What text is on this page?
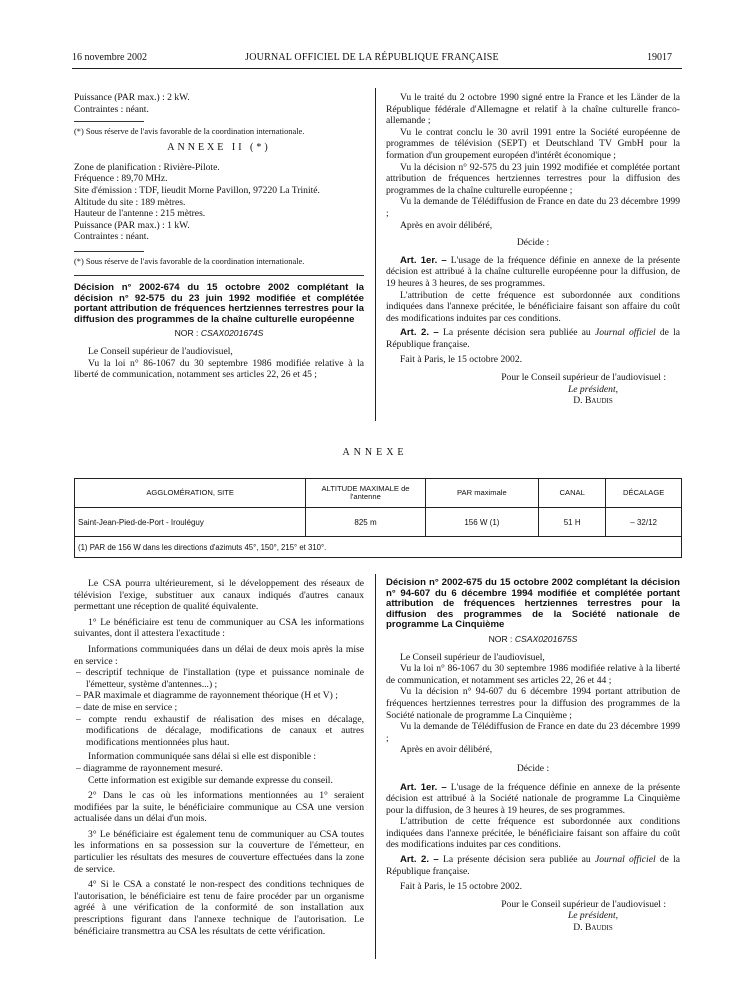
16 novembre 2002	JOURNAL OFFICIEL DE LA RÉPUBLIQUE FRANÇAISE	19017

Puissance (PAR max.) : 2 kW.

Contraintes : néant.

(*) Sous réserve de l'avis favorable de la coordination internationale.

ANNEXE II (*)

Zone de planification : Rivière-Pilote.

Fréquence : 89,70 MHz.

Site d'émission : TDF, lieudit Morne Pavillon, 97220 La Trinité.

Altitude du site : 189 mètres.

Hauteur de l'antenne : 215 mètres.

Puissance (PAR max.) : 1 kW.

Contraintes : néant.

(*) Sous réserve de l'avis favorable de la coordination internationale.

Décision n° 2002-674 du 15 octobre 2002 complétant la décision n° 92-575 du 23 juin 1992 modifiée et complétée portant attribution de fréquences hertziennes terrestres pour la diffusion des programmes de la chaîne culturelle européenne

NOR : CSAX0201674S

Le Conseil supérieur de l'audiovisuel,

Vu la loi n° 86-1067 du 30 septembre 1986 modifiée relative à la liberté de communication, notamment ses articles 22, 26 et 45 ;

Vu le traité du 2 octobre 1990 signé entre la France et les Länder de la République fédérale d'Allemagne et relatif à la chaîne culturelle franco-allemande ;

Vu le contrat conclu le 30 avril 1991 entre la Société européenne de programmes de télévision (SEPT) et Deutschland TV GmbH pour la formation d'un groupement européen d'intérêt économique ;

Vu la décision n° 92-575 du 23 juin 1992 modifiée et complétée portant attribution de fréquences hertziennes terrestres pour la diffusion des programmes de la chaîne culturelle européenne ;

Vu la demande de Télédiffusion de France en date du 23 décembre 1999 ;

Après en avoir délibéré,

Décide :

Art. 1er. – L'usage de la fréquence définie en annexe de la présente décision est attribué à la chaîne culturelle européenne pour la diffusion, de 19 heures à 3 heures, de ses programmes.

L'attribution de cette fréquence est subordonnée aux conditions indiquées dans l'annexe précitée, le bénéficiaire faisant son affaire du coût des modifications induites par ces conditions.

Art. 2. – La présente décision sera publiée au Journal officiel de la République française.

Fait à Paris, le 15 octobre 2002.

Pour le Conseil supérieur de l'audiovisuel :

Le président,

D. Baudis

ANNEXE
AGGLOMÉRATION, SITE	ALTITUDE MAXIMALE de l'antenne	PAR maximale	CANAL	DÉCALAGE
Saint-Jean-Pied-de-Port - Irouléguy	825 m	156 W (1)	51 H	– 32/12
(1) PAR de 156 W dans les directions d'azimuts 45°, 150°, 215° et 310°.				

Le CSA pourra ultérieurement, si le développement des réseaux de télévision l'exige, substituer aux canaux indiqués d'autres canaux permettant une réception de qualité équivalente.

1° Le bénéficiaire est tenu de communiquer au CSA les informations suivantes, dont il attestera l'exactitude :

Informations communiquées dans un délai de deux mois après la mise en service :

– descriptif technique de l'installation (type et puissance nominale de l'émetteur, système d'antennes...) ;

– PAR maximale et diagramme de rayonnement théorique (H et V) ;

– date de mise en service ;

– compte rendu exhaustif de réalisation des mises en décalage, modifications de décalage, modifications de canaux et autres modifications mentionnées plus haut.

Information communiquée sans délai si elle est disponible :

– diagramme de rayonnement mesuré.

Cette information est exigible sur demande expresse du conseil.

2° Dans le cas où les informations mentionnées au 1° seraient modifiées par la suite, le bénéficiaire communique au CSA une version actualisée dans un délai d'un mois.

3° Le bénéficiaire est également tenu de communiquer au CSA toutes les informations en sa possession sur la couverture de l'émetteur, en particulier les résultats des mesures de couverture effectuées dans la zone de service.

4° Si le CSA a constaté le non-respect des conditions techniques de l'autorisation, le bénéficiaire est tenu de faire procéder par un organisme agréé à une vérification de la conformité de son installation aux prescriptions figurant dans l'annexe technique de l'autorisation. Le bénéficiaire transmettra au CSA les résultats de cette vérification.

Décision n° 2002-675 du 15 octobre 2002 complétant la décision n° 94-607 du 6 décembre 1994 modifiée et complétée portant attribution de fréquences hertziennes terrestres pour la diffusion des programmes de la Société nationale de programme La Cinquième

NOR : CSAX0201675S

Le Conseil supérieur de l'audiovisuel,

Vu la loi n° 86-1067 du 30 septembre 1986 modifiée relative à la liberté de communication, et notamment ses articles 22, 26 et 44 ;

Vu la décision n° 94-607 du 6 décembre 1994 portant attribution de fréquences hertziennes terrestres pour la diffusion des programmes de la Société nationale de programme La Cinquième ;

Vu la demande de Télédiffusion de France en date du 23 décembre 1999 ;

Après en avoir délibéré,

Décide :

Art. 1er. – L'usage de la fréquence définie en annexe de la présente décision est attribué à la Société nationale de programme La Cinquième pour la diffusion, de 3 heures à 19 heures, de ses programmes.

L'attribution de cette fréquence est subordonnée aux conditions indiquées dans l'annexe précitée, le bénéficiaire faisant son affaire du coût des modifications induites par ces conditions.

Art. 2. – La présente décision sera publiée au Journal officiel de la République française.

Fait à Paris, le 15 octobre 2002.

Pour le Conseil supérieur de l'audiovisuel :

Le président,

D. Baudis
